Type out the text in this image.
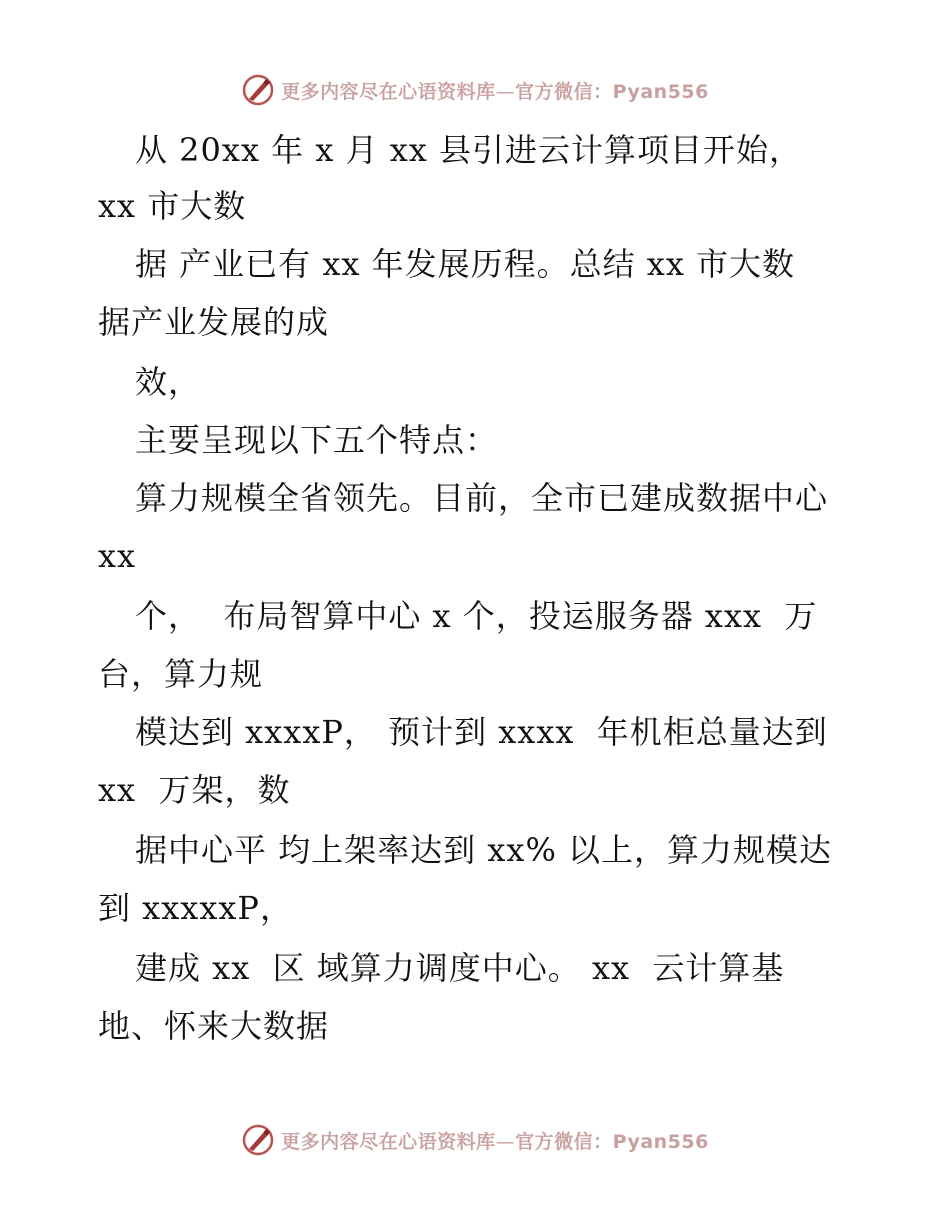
更多内容尽在心语资料库—官方微信：Pyan556
从 20xx 年 x 月 xx 县引进云计算项目开始，
xx 市大数
据 产业已有 xx 年发展历程。总结 xx 市大数
据产业发展的成
效，
主要呈现以下五个特点：
算力规模全省领先。目前，全市已建成数据中心
xx
个，  布局智算中心 x 个，投运服务器 xxx  万
台，算力规
模达到 xxxxP， 预计到 xxxx  年机柜总量达到
xx  万架，数
据中心平 均上架率达到 xx% 以上，算力规模达
到 xxxxxP，
建成 xx  区 域算力调度中心。 xx  云计算基
地、怀来大数据
更多内容尽在心语资料库—官方微信：Pyan556
